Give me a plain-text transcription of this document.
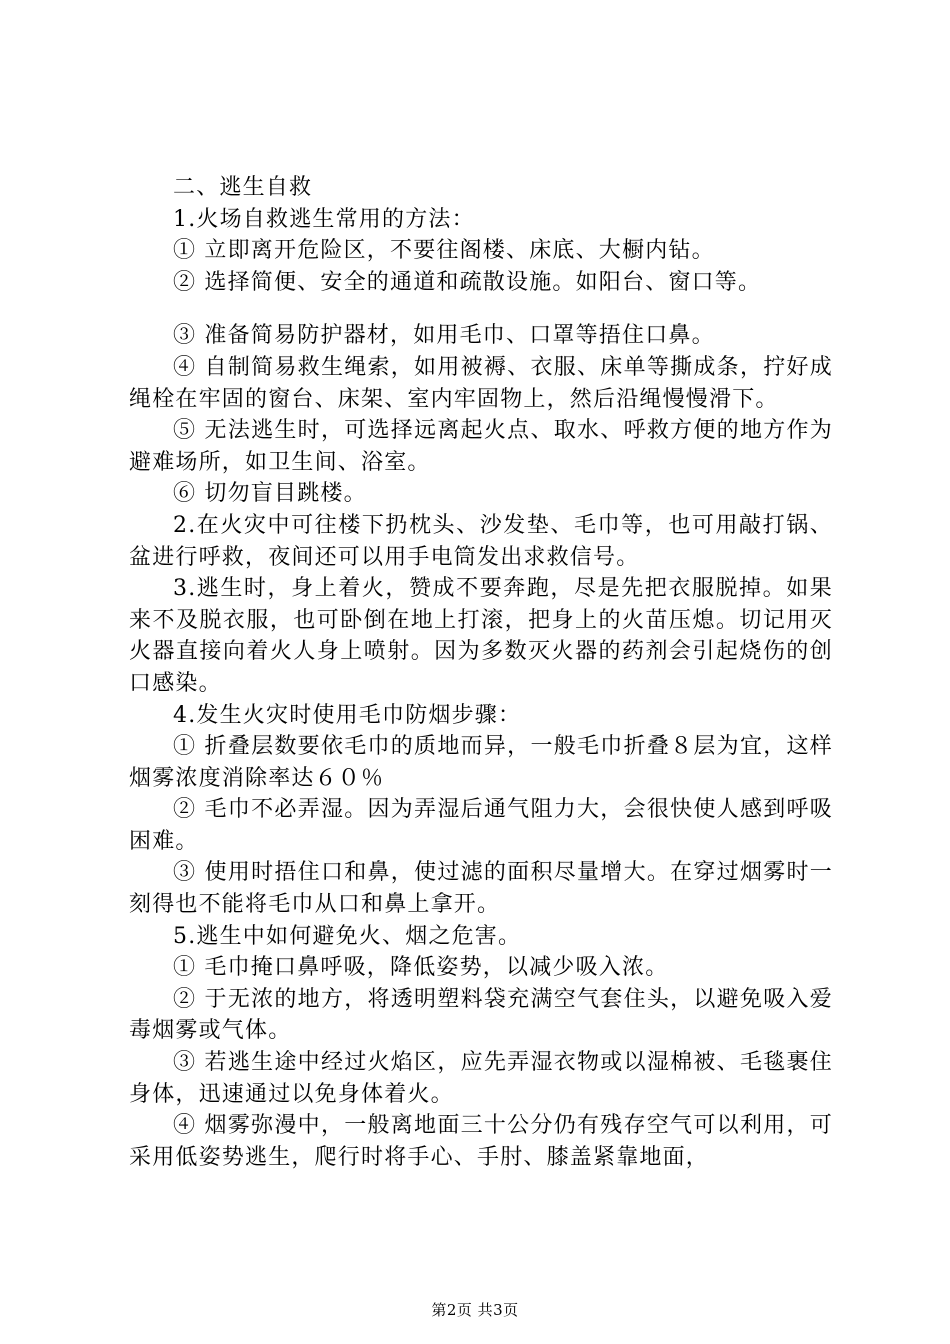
二、逃生自救

1.火场自救逃生常用的方法：

① 立即离开危险区，不要往阁楼、床底、大橱内钻。

② 选择简便、安全的通道和疏散设施。如阳台、窗口等。

③ 准备简易防护器材，如用毛巾、口罩等捂住口鼻。

④ 自制简易救生绳索，如用被褥、衣服、床单等撕成条，拧好成绳栓在牢固的窗台、床架、室内牢固物上，然后沿绳慢慢滑下。

⑤ 无法逃生时，可选择远离起火点、取水、呼救方便的地方作为避难场所，如卫生间、浴室。

⑥ 切勿盲目跳楼。

2.在火灾中可往楼下扔枕头、沙发垫、毛巾等，也可用敲打锅、盆进行呼救，夜间还可以用手电筒发出求救信号。

3.逃生时，身上着火，赞成不要奔跑，尽是先把衣服脱掉。如果来不及脱衣服，也可卧倒在地上打滚，把身上的火苗压熄。切记用灭火器直接向着火人身上喷射。因为多数灭火器的药剂会引起烧伤的创口感染。

4.发生火灾时使用毛巾防烟步骤：

① 折叠层数要依毛巾的质地而异，一般毛巾折叠８层为宜，这样烟雾浓度消除率达６０％

② 毛巾不必弄湿。因为弄湿后通气阻力大，会很快使人感到呼吸困难。

③ 使用时捂住口和鼻，使过滤的面积尽量增大。在穿过烟雾时一刻得也不能将毛巾从口和鼻上拿开。

5.逃生中如何避免火、烟之危害。

① 毛巾掩口鼻呼吸，降低姿势，以减少吸入浓。

② 于无浓的地方，将透明塑料袋充满空气套住头，以避免吸入爱毒烟雾或气体。

③ 若逃生途中经过火焰区，应先弄湿衣物或以湿棉被、毛毯裹住身体，迅速通过以免身体着火。

④ 烟雾弥漫中，一般离地面三十公分仍有残存空气可以利用，可采用低姿势逃生，爬行时将手心、手肘、膝盖紧靠地面，

第2页 共3页
